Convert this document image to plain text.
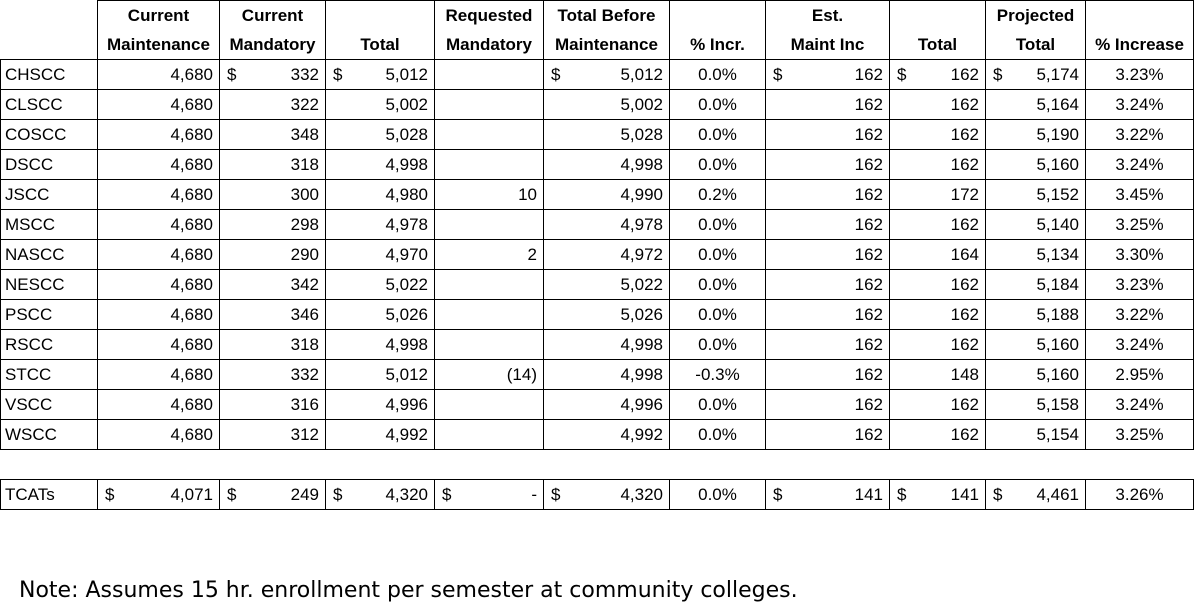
	Current	Current		Requested	Total Before		Est.		Projected	
	Maintenance	Mandatory	Total	Mandatory	Maintenance	% Incr.	Maint Inc	Total	Total	% Increase
CHSCC	4,680	$ 332	$ 5,012		$ 5,012	0.0%	$ 162	$ 162	$ 5,174	3.23%
CLSCC	4,680	322	5,002		5,002	0.0%	162	162	5,164	3.24%
COSCC	4,680	348	5,028		5,028	0.0%	162	162	5,190	3.22%
DSCC	4,680	318	4,998		4,998	0.0%	162	162	5,160	3.24%
JSCC	4,680	300	4,980	10	4,990	0.2%	162	172	5,152	3.45%
MSCC	4,680	298	4,978		4,978	0.0%	162	162	5,140	3.25%
NASCC	4,680	290	4,970	2	4,972	0.0%	162	164	5,134	3.30%
NESCC	4,680	342	5,022		5,022	0.0%	162	162	5,184	3.23%
PSCC	4,680	346	5,026		5,026	0.0%	162	162	5,188	3.22%
RSCC	4,680	318	4,998		4,998	0.0%	162	162	5,160	3.24%
STCC	4,680	332	5,012	(14)	4,998	-0.3%	162	148	5,160	2.95%
VSCC	4,680	316	4,996		4,996	0.0%	162	162	5,158	3.24%
WSCC	4,680	312	4,992		4,992	0.0%	162	162	5,154	3.25%

TCATs	$ 4,071	$ 249	$ 4,320	$ -	$ 4,320	0.0%	$ 141	$ 141	$ 4,461	3.26%
Note: Assumes 15 hr. enrollment per semester at community colleges.
